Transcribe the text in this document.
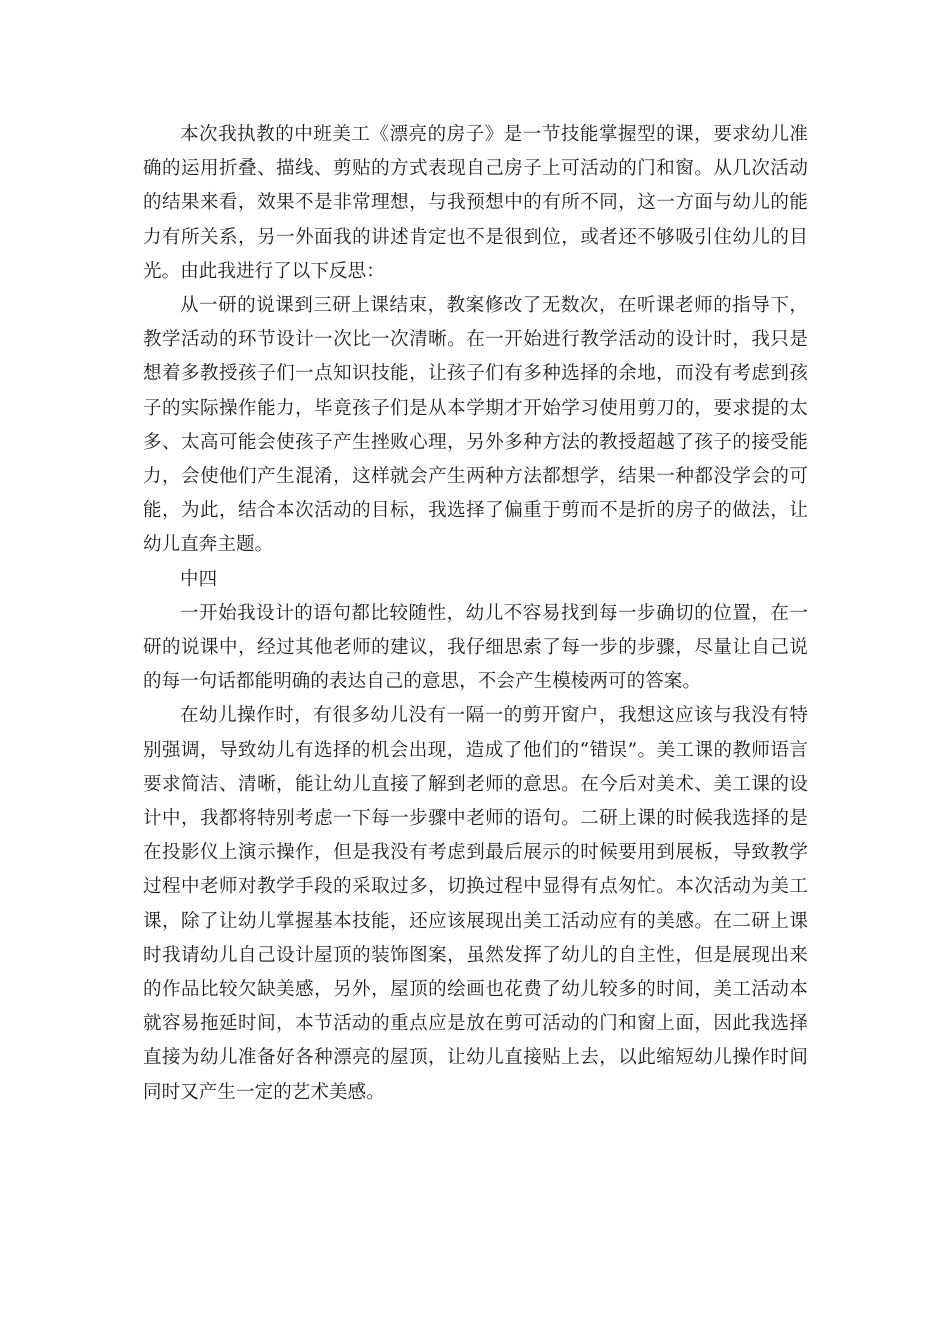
本次我执教的中班美工《漂亮的房子》是一节技能掌握型的课，要求幼儿准确的运用折叠、描线、剪贴的方式表现自己房子上可活动的门和窗。从几次活动的结果来看，效果不是非常理想，与我预想中的有所不同，这一方面与幼儿的能力有所关系，另一外面我的讲述肯定也不是很到位，或者还不够吸引住幼儿的目光。由此我进行了以下反思：

从一研的说课到三研上课结束，教案修改了无数次，在听课老师的指导下，教学活动的环节设计一次比一次清晰。在一开始进行教学活动的设计时，我只是想着多教授孩子们一点知识技能，让孩子们有多种选择的余地，而没有考虑到孩子的实际操作能力，毕竟孩子们是从本学期才开始学习使用剪刀的，要求提的太多、太高可能会使孩子产生挫败心理，另外多种方法的教授超越了孩子的接受能力，会使他们产生混淆，这样就会产生两种方法都想学，结果一种都没学会的可能，为此，结合本次活动的目标，我选择了偏重于剪而不是折的房子的做法，让幼儿直奔主题。

中四

一开始我设计的语句都比较随性，幼儿不容易找到每一步确切的位置，在一研的说课中，经过其他老师的建议，我仔细思索了每一步的步骤，尽量让自己说的每一句话都能明确的表达自己的意思，不会产生模棱两可的答案。

在幼儿操作时，有很多幼儿没有一隔一的剪开窗户，我想这应该与我没有特别强调，导致幼儿有选择的机会出现，造成了他们的“错误”。美工课的教师语言要求简洁、清晰，能让幼儿直接了解到老师的意思。在今后对美术、美工课的设计中，我都将特别考虑一下每一步骤中老师的语句。二研上课的时候我选择的是在投影仪上演示操作，但是我没有考虑到最后展示的时候要用到展板，导致教学过程中老师对教学手段的采取过多，切换过程中显得有点匆忙。本次活动为美工课，除了让幼儿掌握基本技能，还应该展现出美工活动应有的美感。在二研上课时我请幼儿自己设计屋顶的装饰图案，虽然发挥了幼儿的自主性，但是展现出来的作品比较欠缺美感，另外，屋顶的绘画也花费了幼儿较多的时间，美工活动本就容易拖延时间，本节活动的重点应是放在剪可活动的门和窗上面，因此我选择直接为幼儿准备好各种漂亮的屋顶，让幼儿直接贴上去，以此缩短幼儿操作时间同时又产生一定的艺术美感。
